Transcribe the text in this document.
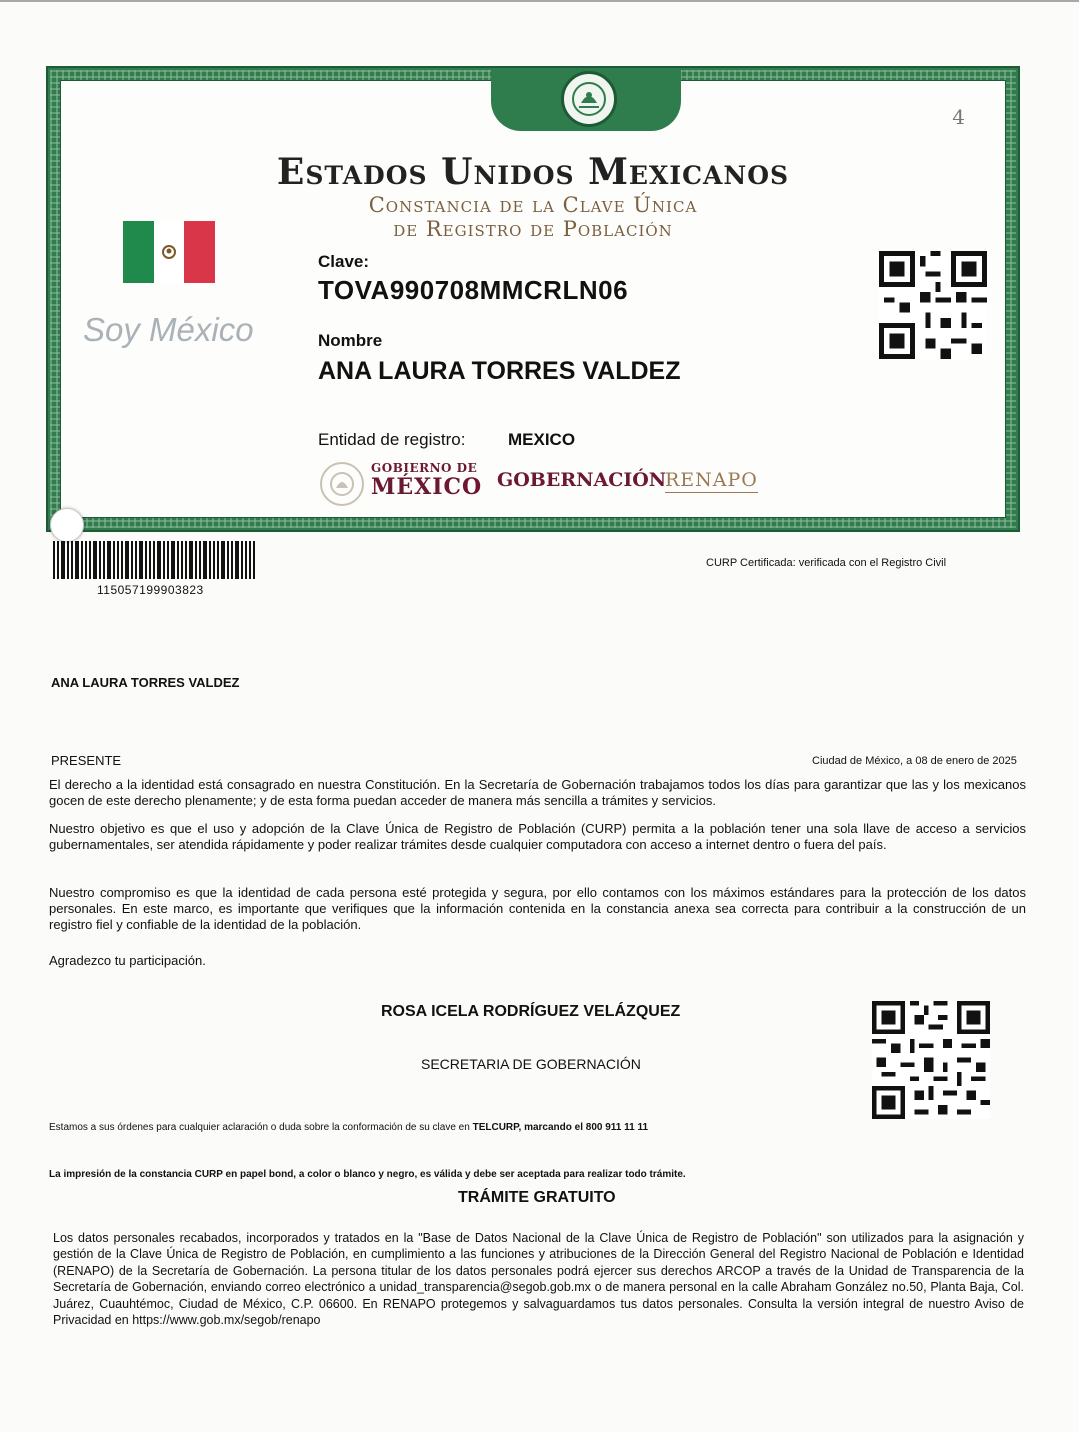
4
Estados Unidos Mexicanos
Constancia de la Clave Única
de Registro de Población
Soy México
Clave:
TOVA990708MMCRLN06
Nombre
ANA LAURA TORRES VALDEZ
Entidad de registro:	MEXICO
GOBIERNO DE
MÉXICO GOBERNACIÓN
RENAPO
115057199903823
CURP Certificada: verificada con el Registro Civil
ANA LAURA TORRES VALDEZ
PRESENTE	Ciudad de México, a 08 de enero de 2025
El derecho a la identidad está consagrado en nuestra Constitución. En la Secretaría de Gobernación trabajamos todos los días para garantizar que las y los mexicanos gocen de este derecho plenamente; y de esta forma puedan acceder de manera más sencilla a trámites y servicios.
Nuestro objetivo es que el uso y adopción de la Clave Única de Registro de Población (CURP) permita a la población tener una sola llave de acceso a servicios gubernamentales, ser atendida rápidamente y poder realizar trámites desde cualquier computadora con acceso a internet dentro o fuera del país.
Nuestro compromiso es que la identidad de cada persona esté protegida y segura, por ello contamos con los máximos estándares para la protección de los datos personales. En este marco, es importante que verifiques que la información contenida en la constancia anexa sea correcta para contribuir a la construcción de un registro fiel y confiable de la identidad de la población.
Agradezco tu participación.
ROSA ICELA RODRÍGUEZ VELÁZQUEZ
SECRETARIA DE GOBERNACIÓN
Estamos a sus órdenes para cualquier aclaración o duda sobre la conformación de su clave en TELCURP, marcando el 800 911 11 11
La impresión de la constancia CURP en papel bond, a color o blanco y negro, es válida y debe ser aceptada para realizar todo trámite.
TRÁMITE GRATUITO
Los datos personales recabados, incorporados y tratados en la "Base de Datos Nacional de la Clave Única de Registro de Población" son utilizados para la asignación y gestión de la Clave Única de Registro de Población, en cumplimiento a las funciones y atribuciones de la Dirección General del Registro Nacional de Población e Identidad (RENAPO) de la Secretaría de Gobernación. La persona titular de los datos personales podrá ejercer sus derechos ARCOP a través de la Unidad de Transparencia de la Secretaría de Gobernación, enviando correo electrónico a unidad_transparencia@segob.gob.mx o de manera personal en la calle Abraham González no.50, Planta Baja, Col. Juárez, Cuauhtémoc, Ciudad de México, C.P. 06600. En RENAPO protegemos y salvaguardamos tus datos personales. Consulta la versión integral de nuestro Aviso de Privacidad en https://www.gob.mx/segob/renapo
